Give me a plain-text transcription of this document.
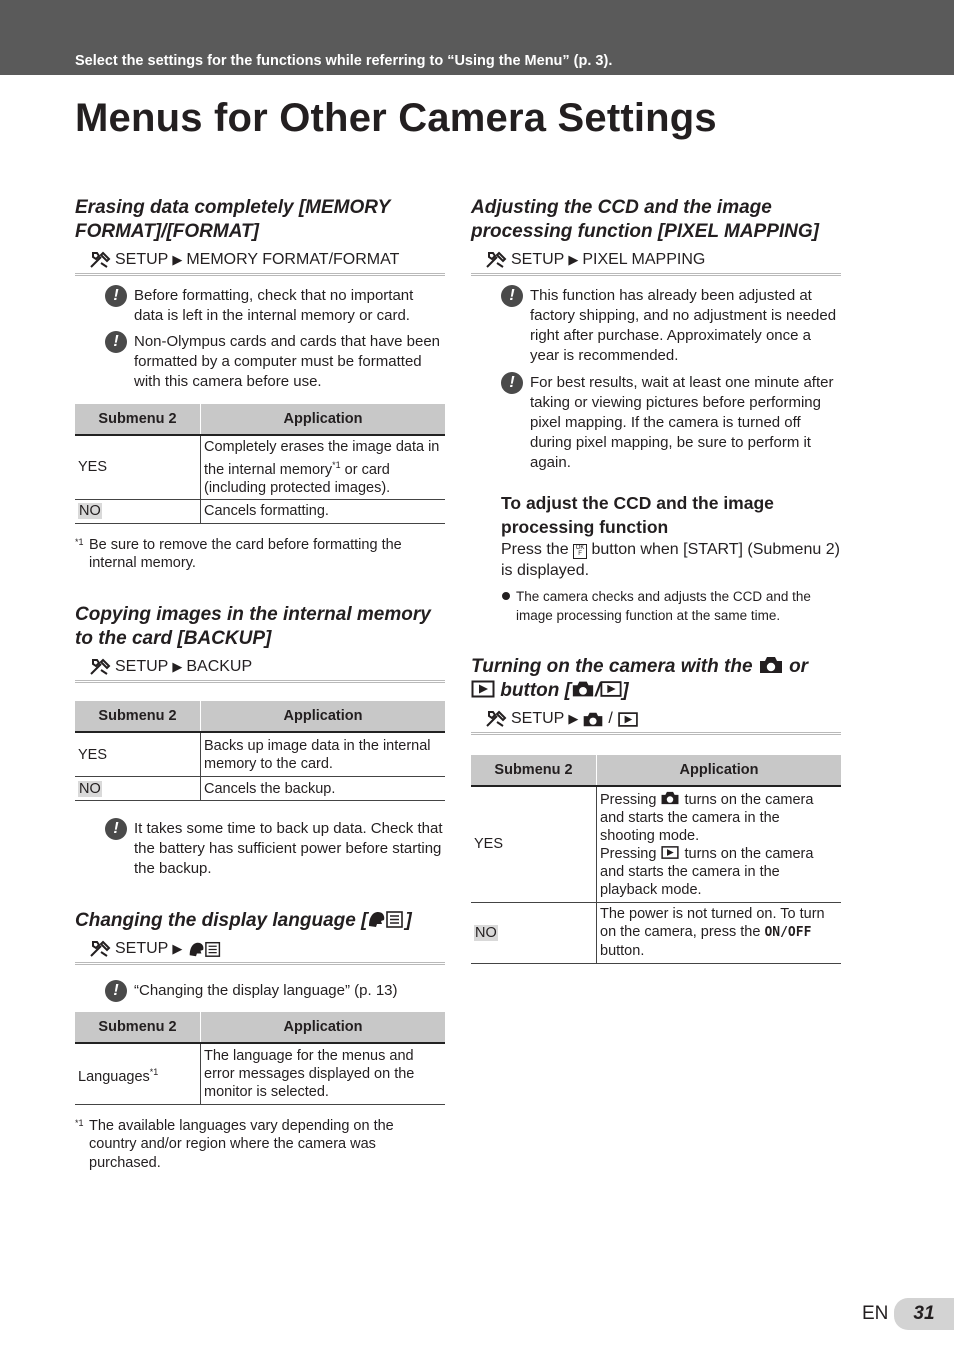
Select the settings for the functions while referring to “Using the Menu” (p. 3).
Menus for Other Camera Settings
Erasing data completely [MEMORY FORMAT]/[FORMAT]
SETUP ▶ MEMORY FORMAT/FORMAT
!	Before formatting, check that no important data is left in the internal memory or card.
!	Non-Olympus cards and cards that have been formatted by a computer must be formatted with this camera before use.
Submenu 2	Application
YES	Completely erases the image data in the internal memory$^{*1}$ or card (including protected images).
NO	Cancels formatting.
*1 Be sure to remove the card before formatting the internal memory.
Copying images in the internal memory to the card [BACKUP]
SETUP ▶ BACKUP
Submenu 2	Application
YES	Backs up image data in the internal memory to the card.
NO	Cancels the backup.
!	It takes some time to back up data. Check that the battery has sufficient power before starting the backup.
Changing the display language [ ]
SETUP ▶
!	“Changing the display language” (p. 13)
Submenu 2	Application
Languages$^{*1}$	The language for the menus and error messages displayed on the monitor is selected.
*1 The available languages vary depending on the country and/or region where the camera was purchased.
Adjusting the CCD and the image processing function [PIXEL MAPPING]
SETUP ▶ PIXEL MAPPING
!	This function has already been adjusted at factory shipping, and no adjustment is needed right after purchase. Approximately once a year is recommended.
!	For best results, wait at least one minute after taking or viewing pictures before performing pixel mapping. If the camera is turned off during pixel mapping, be sure to perform it again.
To adjust the CCD and the image processing function
Press the OK
F button when [START] (Submenu 2) is displayed.
The camera checks and adjusts the CCD and the image processing function at the same time.
Turning on the camera with the or
button [ / ]
SETUP ▶ /
Submenu 2	Application
YES	Pressing turns on the camera and starts the camera in the shooting mode.
Pressing turns on the camera and starts the camera in the playback mode.
NO	The power is not turned on. To turn on the camera, press the ON/OFF button.
EN	31
